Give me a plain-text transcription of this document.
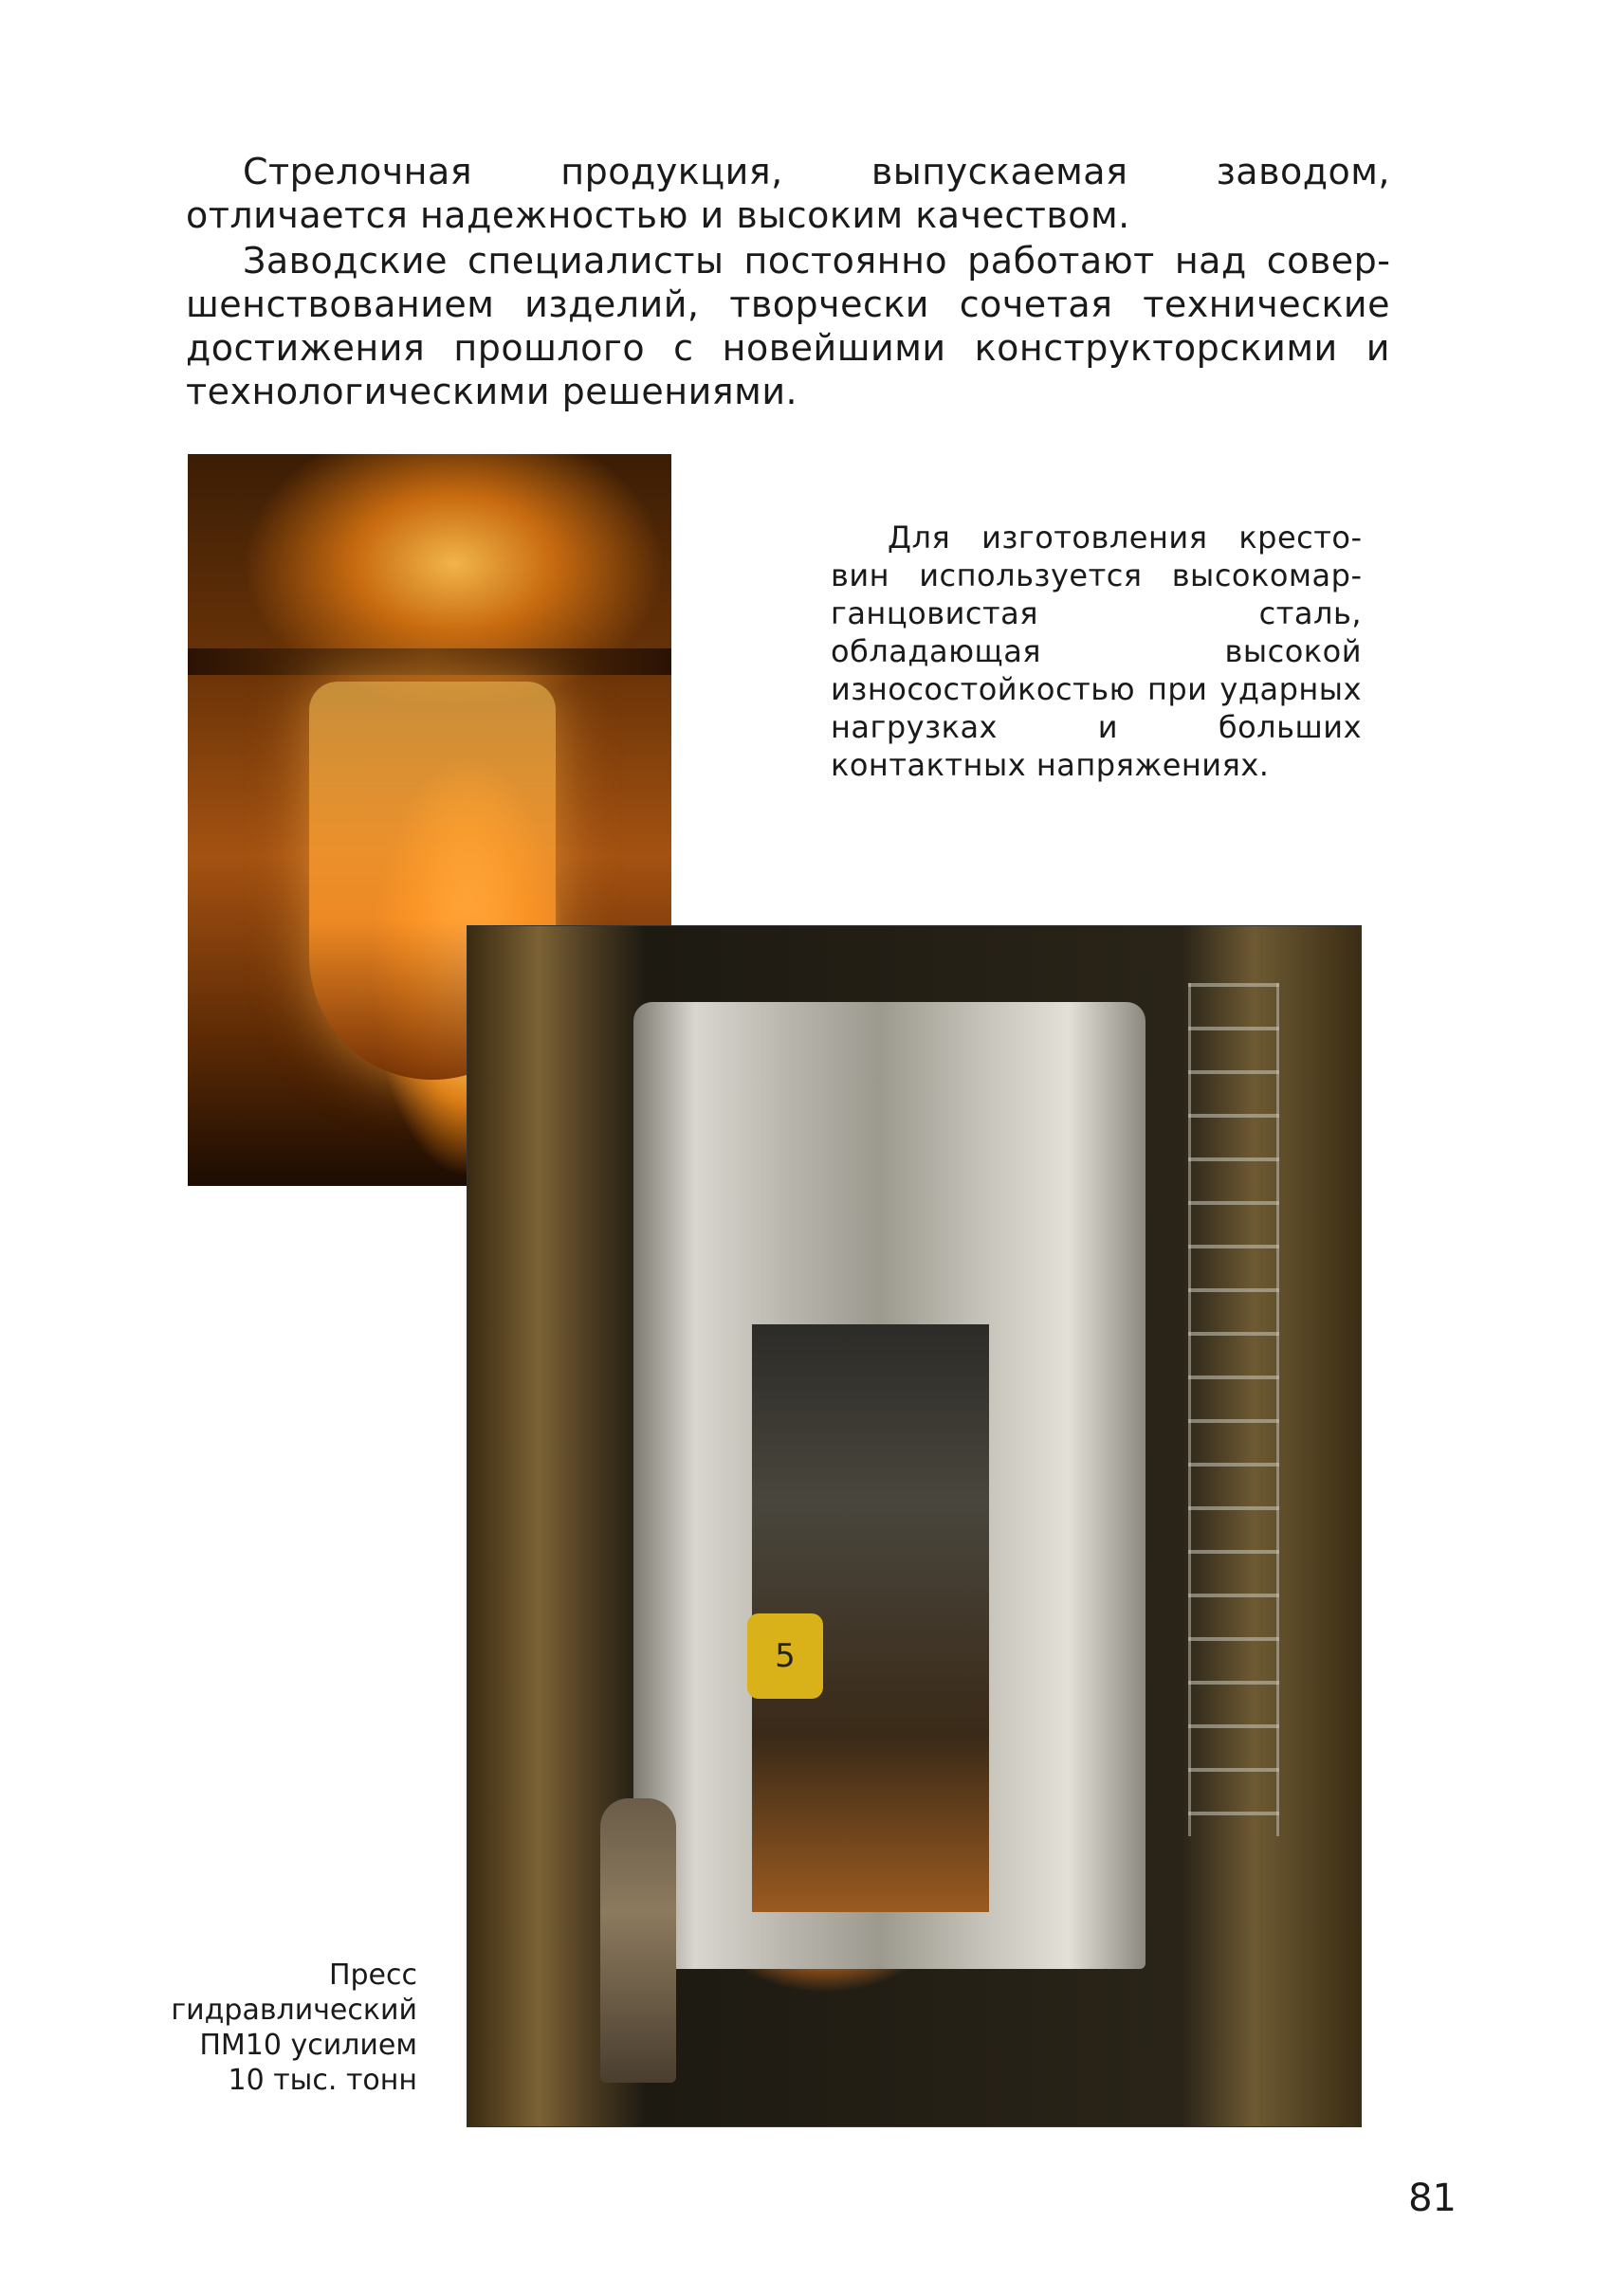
Стрелочная продукция, выпускаемая заводом, отличается надежностью и высоким качеством.

Заводские специалисты постоянно работают над совершенствованием изделий, творчески сочетая технические достижения прошлого с новейшими конструкторскими и технологическими решениями.

Для изготовления крестовин используется высокомарганцовистая сталь, обладающая высокой износостойкостью при ударных нагрузках и больших контактных напряжениях.

5
Пресс
гидравлический
ПМ10 усилием
10 тыс. тонн
81
